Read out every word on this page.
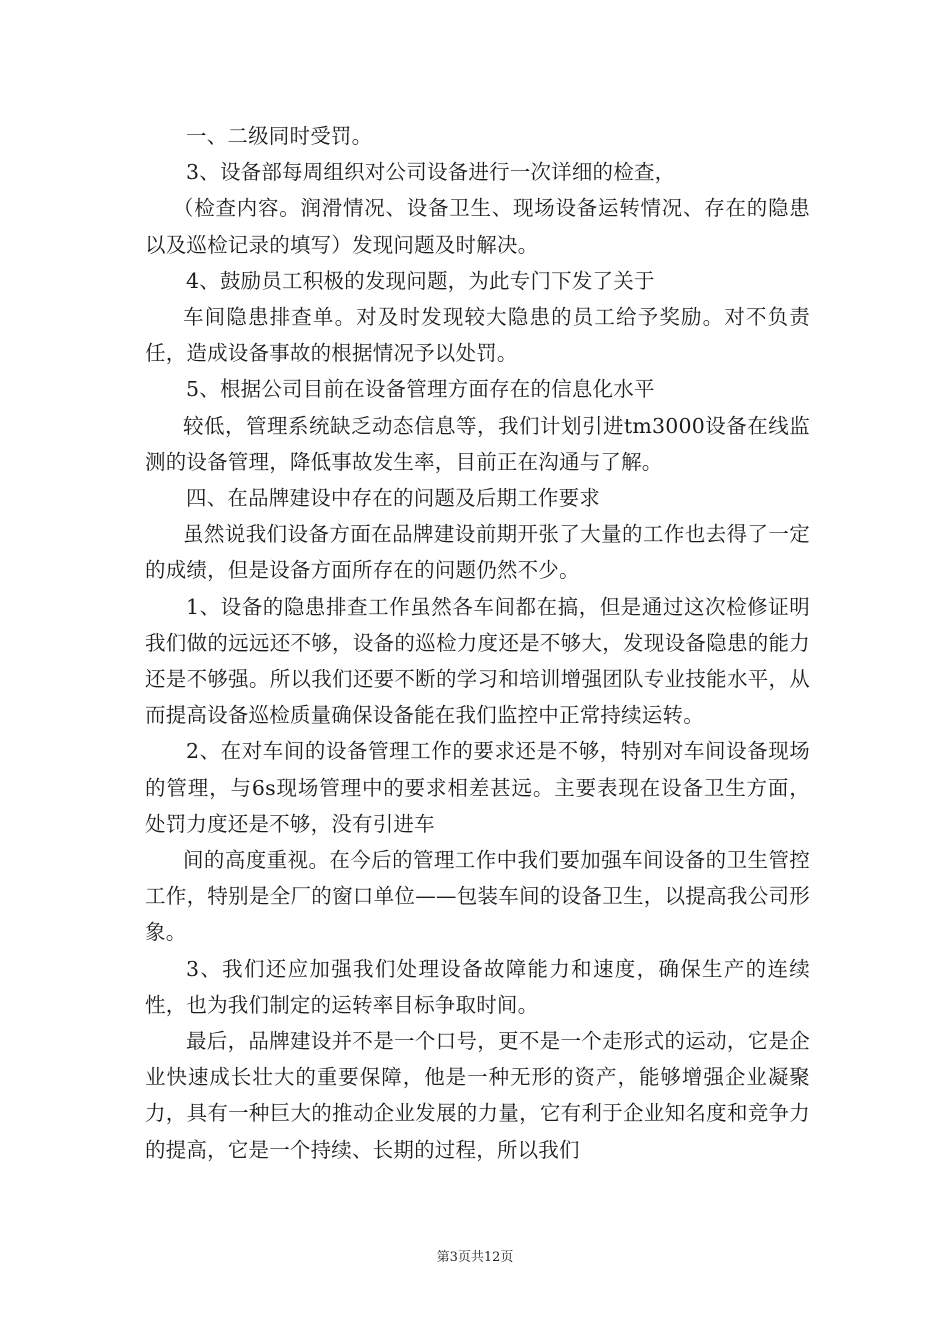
一、二级同时受罚。

3、设备部每周组织对公司设备进行一次详细的检查，

（检查内容。润滑情况、设备卫生、现场设备运转情况、存在的隐患以及巡检记录的填写）发现问题及时解决。

4、鼓励员工积极的发现问题，为此专门下发了关于

车间隐患排查单。对及时发现较大隐患的员工给予奖励。对不负责任，造成设备事故的根据情况予以处罚。

5、根据公司目前在设备管理方面存在的信息化水平

较低，管理系统缺乏动态信息等，我们计划引进tm3000设备在线监测的设备管理，降低事故发生率，目前正在沟通与了解。

四、在品牌建设中存在的问题及后期工作要求

虽然说我们设备方面在品牌建设前期开张了大量的工作也去得了一定的成绩，但是设备方面所存在的问题仍然不少。

1、设备的隐患排查工作虽然各车间都在搞，但是通过这次检修证明我们做的远远还不够，设备的巡检力度还是不够大，发现设备隐患的能力还是不够强。所以我们还要不断的学习和培训增强团队专业技能水平，从而提高设备巡检质量确保设备能在我们监控中正常持续运转。

2、在对车间的设备管理工作的要求还是不够，特别对车间设备现场的管理，与6s现场管理中的要求相差甚远。主要表现在设备卫生方面，处罚力度还是不够，没有引进车

间的高度重视。在今后的管理工作中我们要加强车间设备的卫生管控工作，特别是全厂的窗口单位——包装车间的设备卫生，以提高我公司形象。

3、我们还应加强我们处理设备故障能力和速度，确保生产的连续性，也为我们制定的运转率目标争取时间。

最后，品牌建设并不是一个口号，更不是一个走形式的运动，它是企业快速成长壮大的重要保障，他是一种无形的资产，能够增强企业凝聚力，具有一种巨大的推动企业发展的力量，它有利于企业知名度和竞争力的提高，它是一个持续、长期的过程，所以我们

第3页共12页
